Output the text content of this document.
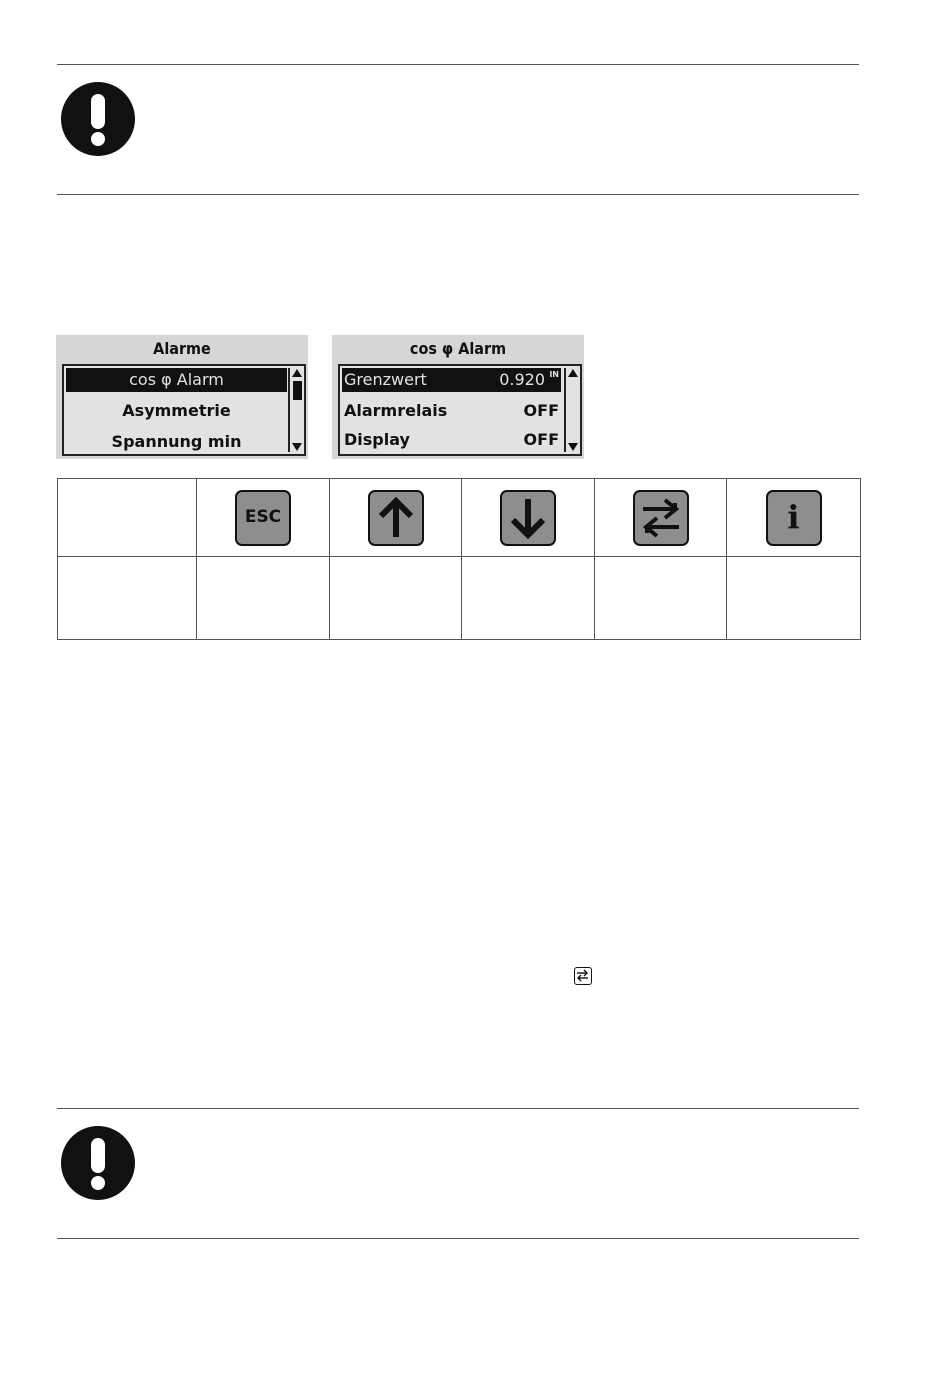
Alarme
cos φ Alarm
Asymmetrie
Spannung min
cos φ Alarm
Grenzwert	0.920 IN
Alarmrelais	OFF
Display	OFF

	ESC				i
